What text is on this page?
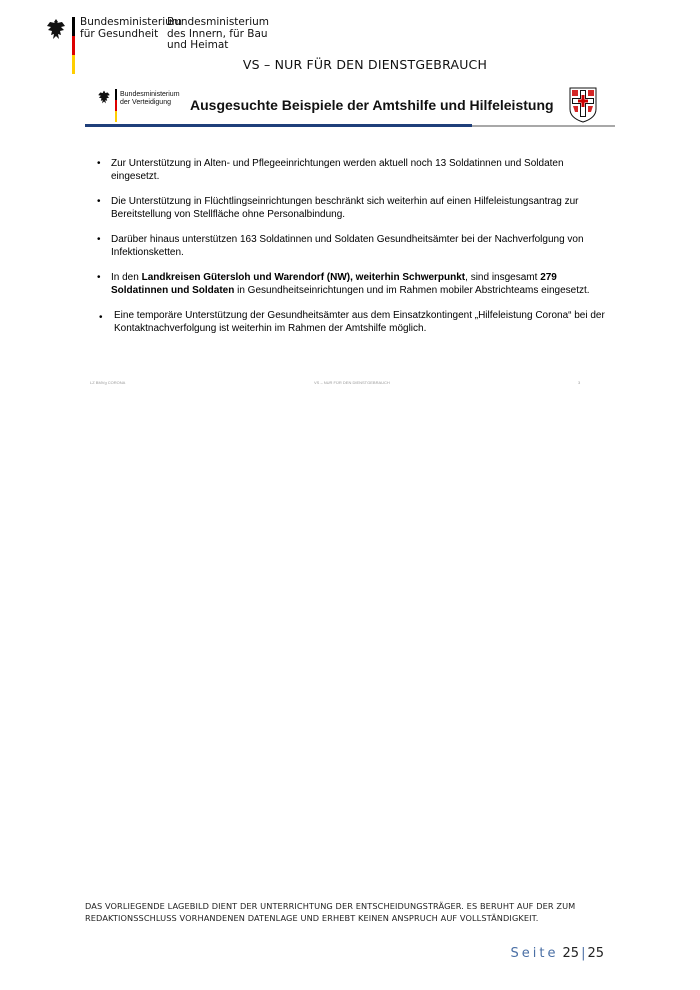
Bundesministerium
für Gesundheit
Bundesministerium
des Innern, für Bau
und Heimat
VS – NUR FÜR DEN DIENSTGEBRAUCH
Bundesministerium
der Verteidigung	Ausgesuchte Beispiele der Amtshilfe und Hilfeleistung
• Zur Unterstützung in Alten- und Pflegeeinrichtungen werden aktuell noch 13 Soldatinnen und Soldaten eingesetzt.
• Die Unterstützung in Flüchtlingseinrichtungen beschränkt sich weiterhin auf einen Hilfeleistungsantrag zur Bereitstellung von Stellfläche ohne Personalbindung.
• Darüber hinaus unterstützen 163 Soldatinnen und Soldaten Gesundheitsämter bei der Nachverfolgung von Infektionsketten.
• In den Landkreisen Gütersloh und Warendorf (NW), weiterhin Schwerpunkt, sind insgesamt 279 Soldatinnen und Soldaten in Gesundheitseinrichtungen und im Rahmen mobiler Abstrichteams eingesetzt.
• Eine temporäre Unterstützung der Gesundheitsämter aus dem Einsatzkontingent „Hilfeleistung Corona“ bei der Kontaktnachverfolgung ist weiterhin im Rahmen der Amtshilfe möglich.
LZ BMVg CORONA	VS – NUR FÜR DEN DIENSTGEBRAUCH	3
DAS VORLIEGENDE LAGEBILD DIENT DER UNTERRICHTUNG DER ENTSCHEIDUNGSTRÄGER. ES BERUHT AUF DER ZUM REDAKTIONSSCHLUSS VORHANDENEN DATENLAGE UND ERHEBT KEINEN ANSPRUCH AUF VOLLSTÄNDIGKEIT.
Seite 25 | 25
